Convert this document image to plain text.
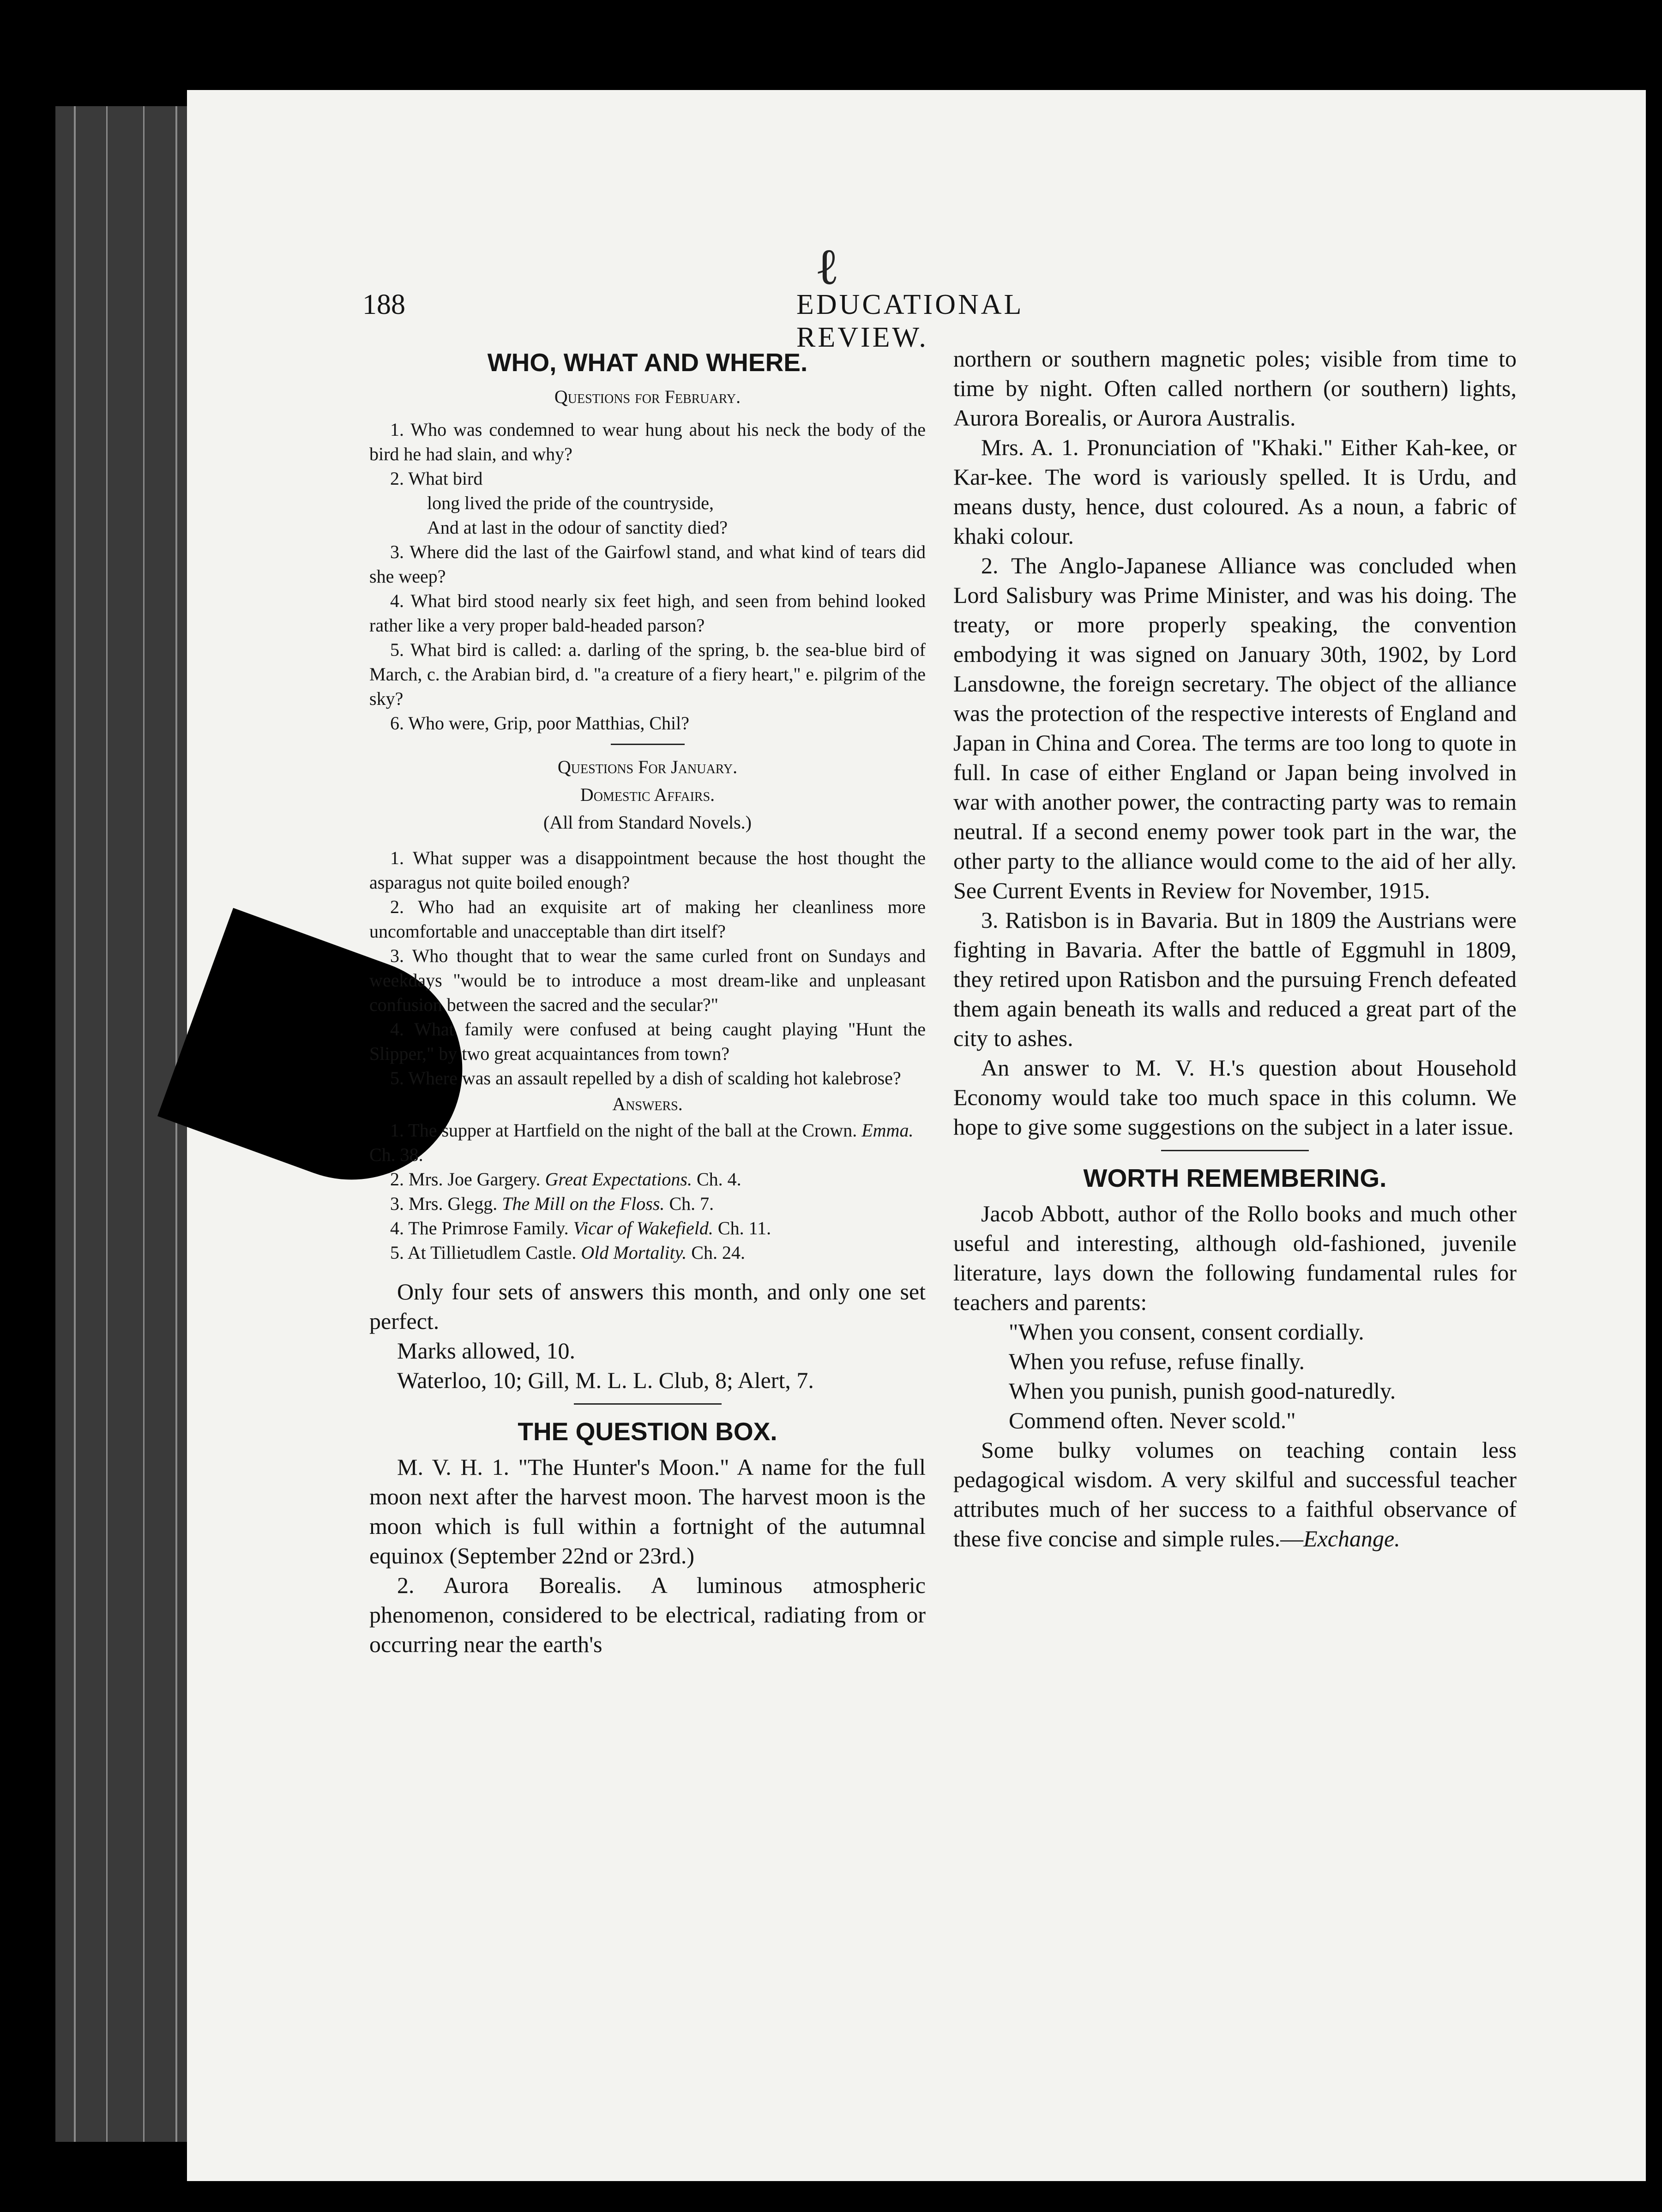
ℓ
188	EDUCATIONAL REVIEW.
WHO, WHAT AND WHERE.
Questions for February.

1. Who was condemned to wear hung about his neck the body of the bird he had slain, and why?

2. What bird

long lived the pride of the countryside,
And at last in the odour of sanctity died?

3. Where did the last of the Gairfowl stand, and what kind of tears did she weep?

4. What bird stood nearly six feet high, and seen from behind looked rather like a very proper bald-headed parson?

5. What bird is called: a. darling of the spring, b. the sea-blue bird of March, c. the Arabian bird, d. "a creature of a fiery heart," e. pilgrim of the sky?

6. Who were, Grip, poor Matthias, Chil?

Questions For January.
Domestic Affairs.
(All from Standard Novels.)

1. What supper was a disappointment because the host thought the asparagus not quite boiled enough?

2. Who had an exquisite art of making her cleanliness more uncomfortable and unacceptable than dirt itself?

3. Who thought that to wear the same curled front on Sundays and weekdays "would be to introduce a most dream-like and unpleasant confusion between the sacred and the secular?"

4. What family were confused at being caught playing "Hunt the Slipper," by two great acquaintances from town?

5. Where was an assault repelled by a dish of scalding hot kalebrose?

Answers.

1. The supper at Hartfield on the night of the ball at the Crown. Emma. Ch. 38.

2. Mrs. Joe Gargery. Great Expectations. Ch. 4.

3. Mrs. Glegg. The Mill on the Floss. Ch. 7.

4. The Primrose Family. Vicar of Wakefield. Ch. 11.

5. At Tillietudlem Castle. Old Mortality. Ch. 24.

Only four sets of answers this month, and only one set perfect.

Marks allowed, 10.

Waterloo, 10; Gill, M. L. L. Club, 8; Alert, 7.

THE QUESTION BOX.

M. V. H. 1. "The Hunter's Moon." A name for the full moon next after the harvest moon. The harvest moon is the moon which is full within a fortnight of the autumnal equinox (September 22nd or 23rd.)

2. Aurora Borealis. A luminous atmospheric phenomenon, considered to be electrical, radiating from or occurring near the earth's

northern or southern magnetic poles; visible from time to time by night. Often called northern (or southern) lights, Aurora Borealis, or Aurora Australis.

Mrs. A. 1. Pronunciation of "Khaki." Either Kah-kee, or Kar-kee. The word is variously spelled. It is Urdu, and means dusty, hence, dust coloured. As a noun, a fabric of khaki colour.

2. The Anglo-Japanese Alliance was concluded when Lord Salisbury was Prime Minister, and was his doing. The treaty, or more properly speaking, the convention embodying it was signed on January 30th, 1902, by Lord Lansdowne, the foreign secretary. The object of the alliance was the protection of the respective interests of England and Japan in China and Corea. The terms are too long to quote in full. In case of either England or Japan being involved in war with another power, the contracting party was to remain neutral. If a second enemy power took part in the war, the other party to the alliance would come to the aid of her ally. See Current Events in Review for November, 1915.

3. Ratisbon is in Bavaria. But in 1809 the Austrians were fighting in Bavaria. After the battle of Eggmuhl in 1809, they retired upon Ratisbon and the pursuing French defeated them again beneath its walls and reduced a great part of the city to ashes.

An answer to M. V. H.'s question about Household Economy would take too much space in this column. We hope to give some suggestions on the subject in a later issue.

WORTH REMEMBERING.

Jacob Abbott, author of the Rollo books and much other useful and interesting, although old-fashioned, juvenile literature, lays down the following fundamental rules for teachers and parents:

"When you consent, consent cordially.
When you refuse, refuse finally.
When you punish, punish good-naturedly.
Commend often. Never scold."

Some bulky volumes on teaching contain less pedagogical wisdom. A very skilful and successful teacher attributes much of her success to a faithful observance of these five concise and simple rules.—Exchange.
